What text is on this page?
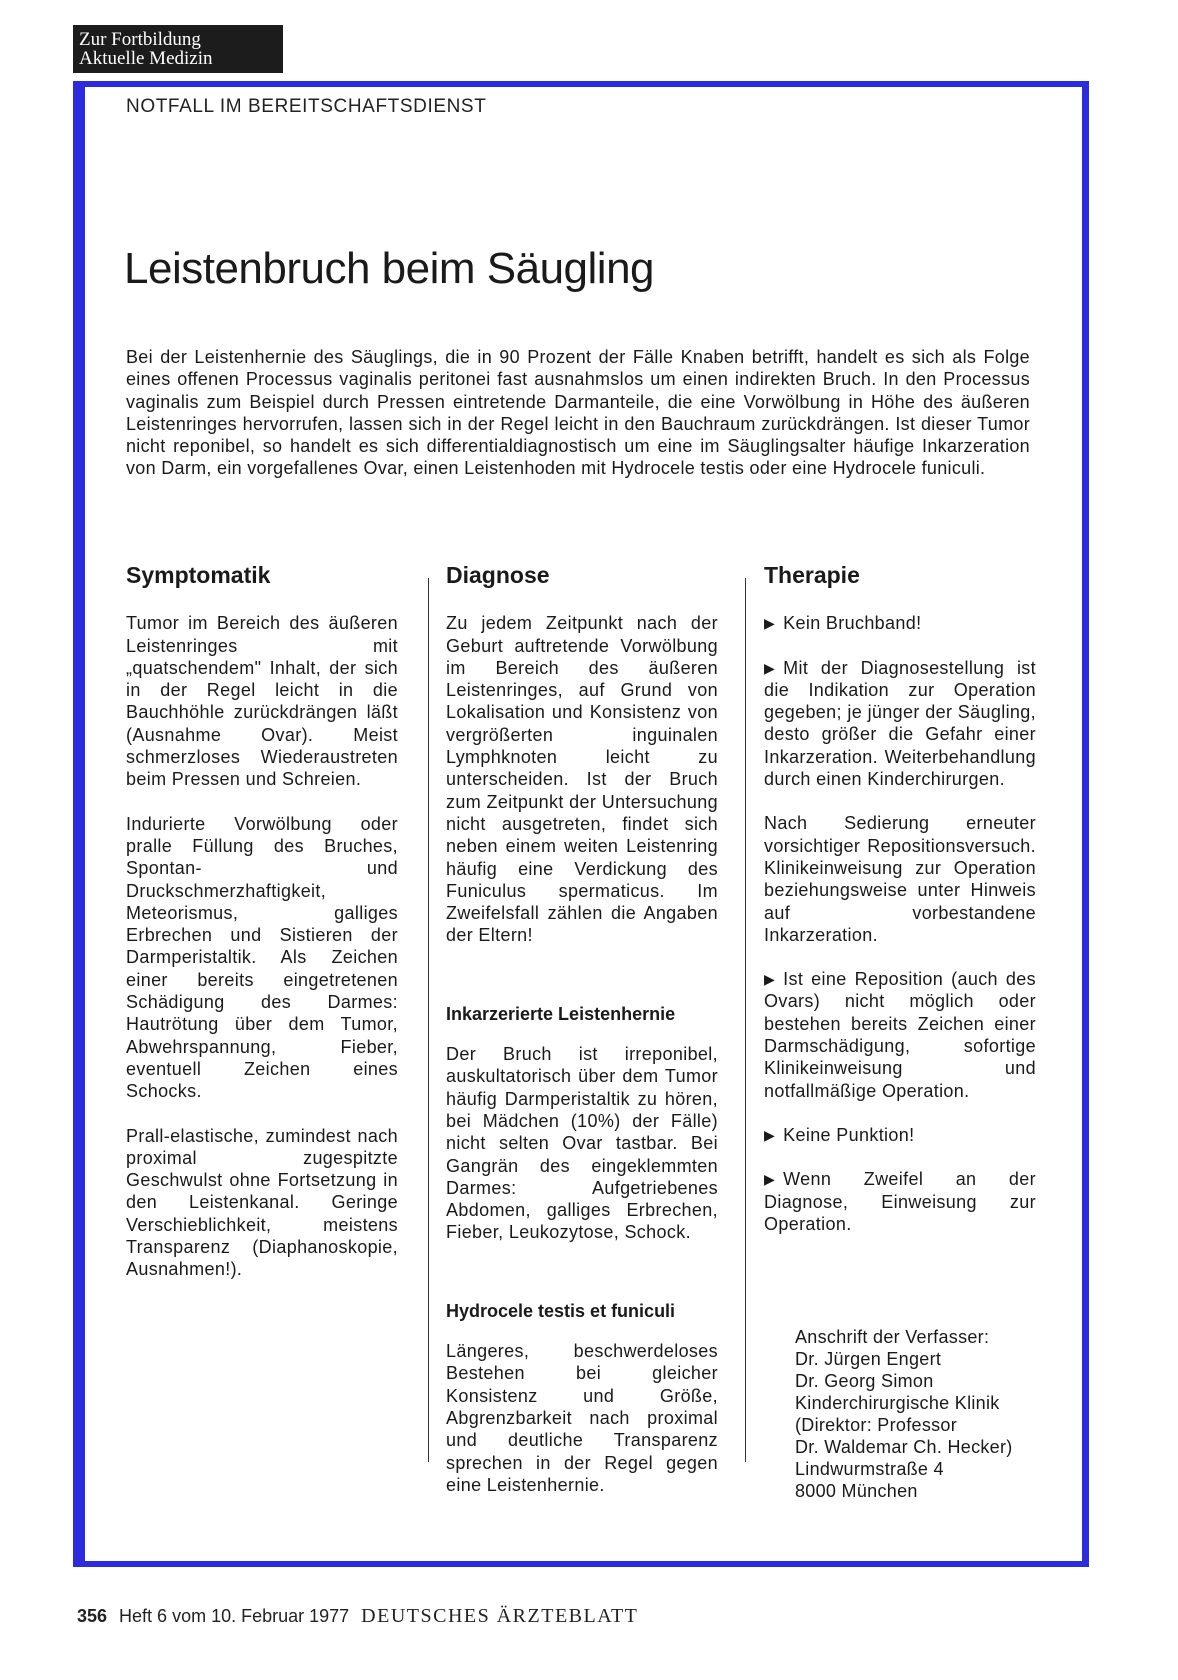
Zur Fortbildung
Aktuelle Medizin
NOTFALL IM BEREITSCHAFTSDIENST
Leistenbruch beim Säugling

Bei der Leistenhernie des Säuglings, die in 90 Prozent der Fälle Knaben betrifft, handelt es sich als Folge eines offenen Processus vaginalis peritonei fast ausnahmslos um einen indirekten Bruch. In den Processus vaginalis zum Beispiel durch Pressen eintretende Darmanteile, die eine Vorwölbung in Höhe des äußeren Leistenringes hervorrufen, lassen sich in der Regel leicht in den Bauchraum zurückdrängen. Ist dieser Tumor nicht reponibel, so handelt es sich differentialdiagnostisch um eine im Säuglingsalter häufige Inkarzeration von Darm, ein vorgefallenes Ovar, einen Leistenhoden mit Hydrocele testis oder eine Hydrocele funiculi.

Symptomatik

Tumor im Bereich des äußeren Leistenringes mit „quatschendem" Inhalt, der sich in der Regel leicht in die Bauchhöhle zurückdrängen läßt (Ausnahme Ovar). Meist schmerzloses Wiederaustreten beim Pressen und Schreien.

Indurierte Vorwölbung oder pralle Füllung des Bruches, Spontan- und Druckschmerzhaftigkeit, Meteorismus, galliges Erbrechen und Sistieren der Darmperistaltik. Als Zeichen einer bereits eingetretenen Schädigung des Darmes: Hautrötung über dem Tumor, Abwehrspannung, Fieber, eventuell Zeichen eines Schocks.

Prall-elastische, zumindest nach proximal zugespitzte Geschwulst ohne Fortsetzung in den Leistenkanal. Geringe Verschieblichkeit, meistens Transparenz (Diaphanoskopie, Ausnahmen!).

Diagnose

Zu jedem Zeitpunkt nach der Geburt auftretende Vorwölbung im Bereich des äußeren Leistenringes, auf Grund von Lokalisation und Konsistenz von vergrößerten inguinalen Lymphknoten leicht zu unterscheiden. Ist der Bruch zum Zeitpunkt der Untersuchung nicht ausgetreten, findet sich neben einem weiten Leistenring häufig eine Verdickung des Funiculus spermaticus. Im Zweifelsfall zählen die Angaben der Eltern!

Inkarzerierte Leistenhernie

Der Bruch ist irreponibel, auskultatorisch über dem Tumor häufig Darmperistaltik zu hören, bei Mädchen (10%) der Fälle) nicht selten Ovar tastbar. Bei Gangrän des eingeklemmten Darmes: Aufgetriebenes Abdomen, galliges Erbrechen, Fieber, Leukozytose, Schock.

Hydrocele testis et funiculi

Längeres, beschwerdeloses Bestehen bei gleicher Konsistenz und Größe, Abgrenzbarkeit nach proximal und deutliche Transparenz sprechen in der Regel gegen eine Leistenhernie.

Therapie

▶ Kein Bruchband!

▶ Mit der Diagnosestellung ist die Indikation zur Operation gegeben; je jünger der Säugling, desto größer die Gefahr einer Inkarzeration. Weiterbehandlung durch einen Kinderchirurgen.

Nach Sedierung erneuter vorsichtiger Repositionsversuch. Klinikeinweisung zur Operation beziehungsweise unter Hinweis auf vorbestandene Inkarzeration.

▶ Ist eine Reposition (auch des Ovars) nicht möglich oder bestehen bereits Zeichen einer Darmschädigung, sofortige Klinikeinweisung und notfallmäßige Operation.

▶ Keine Punktion!

▶ Wenn Zweifel an der Diagnose, Einweisung zur Operation.

Anschrift der Verfasser:
Dr. Jürgen Engert
Dr. Georg Simon
Kinderchirurgische Klinik
(Direktor: Professor
Dr. Waldemar Ch. Hecker)
Lindwurmstraße 4
8000 München
356 Heft 6 vom 10. Februar 1977 DEUTSCHES ÄRZTEBLATT
